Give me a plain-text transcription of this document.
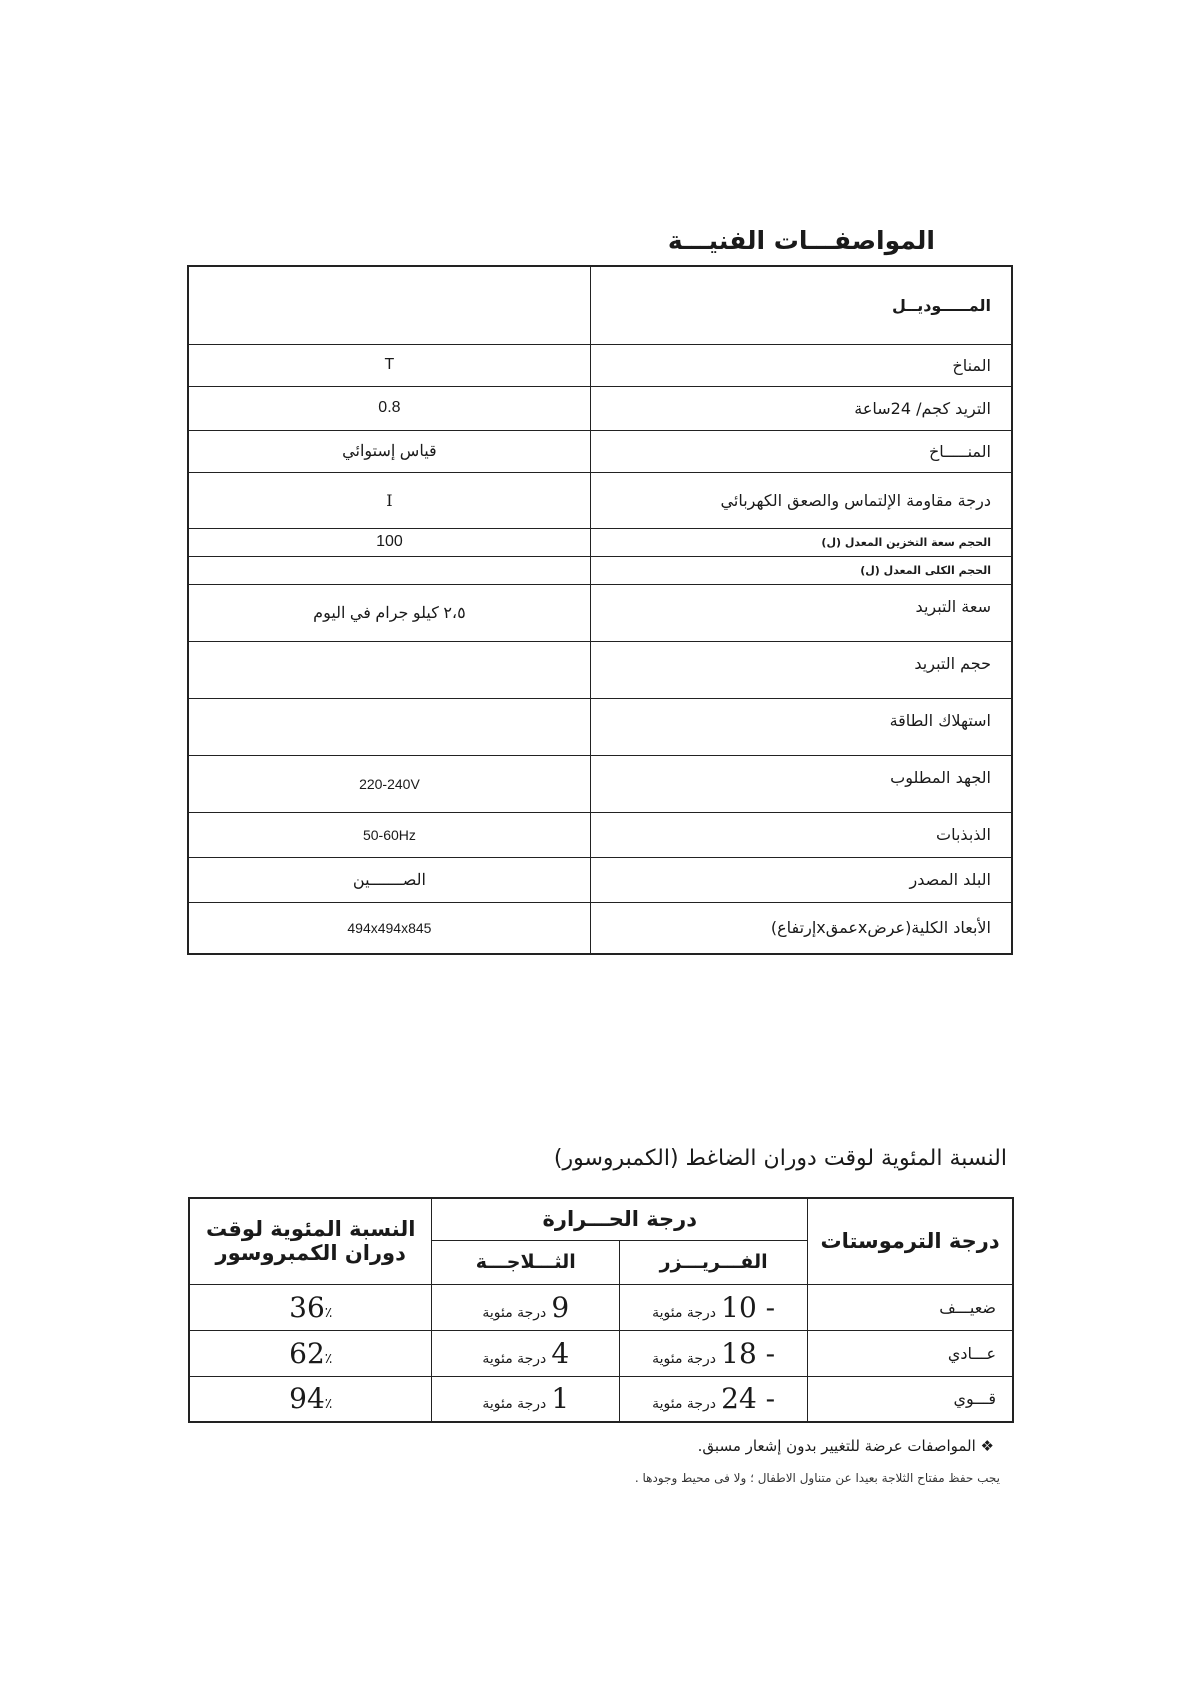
المواصفـــات الفنيـــة
	المـــــوديــل
T	المناخ
0.8	التريد كجم/ 24ساعة
قياس إستوائي	المنـــــاخ
I	درجة مقاومة الإلتماس والصعق الكهربائي
100	الحجم سعة التخزين المعدل (ل)
	الحجم الكلى المعدل (ل)
٢،٥ كيلو جرام في اليوم	سعة التبريد
	حجم التبريد
	استهلاك الطاقة
220-240V	الجهد المطلوب
50-60Hz	الذبذبات
الصـــــــين	البلد المصدر
494x494x845	الأبعاد الكلية(عرضxعمقxإرتفاع)
النسبة المئوية لوقت دوران الضاغط (الكمبروسور)
النسبة المئوية لوقت
دوران الكمبروسور	درجة الحـــرارة		درجة الترموستات
	الثـــلاجـــة	الفـــريـــزر	
36٪	9 درجة مئوية	- 10 درجة مئوية	ضعيـــف
62٪	4 درجة مئوية	- 18 درجة مئوية	عـــادي
94٪	1 درجة مئوية	- 24 درجة مئوية	قـــوي
❖ المواصفات عرضة للتغيير بدون إشعار مسبق.
يجب حفظ مفتاح الثلاجة بعيدا عن متناول الاطفال ؛ ولا فى محيط وجودها .
